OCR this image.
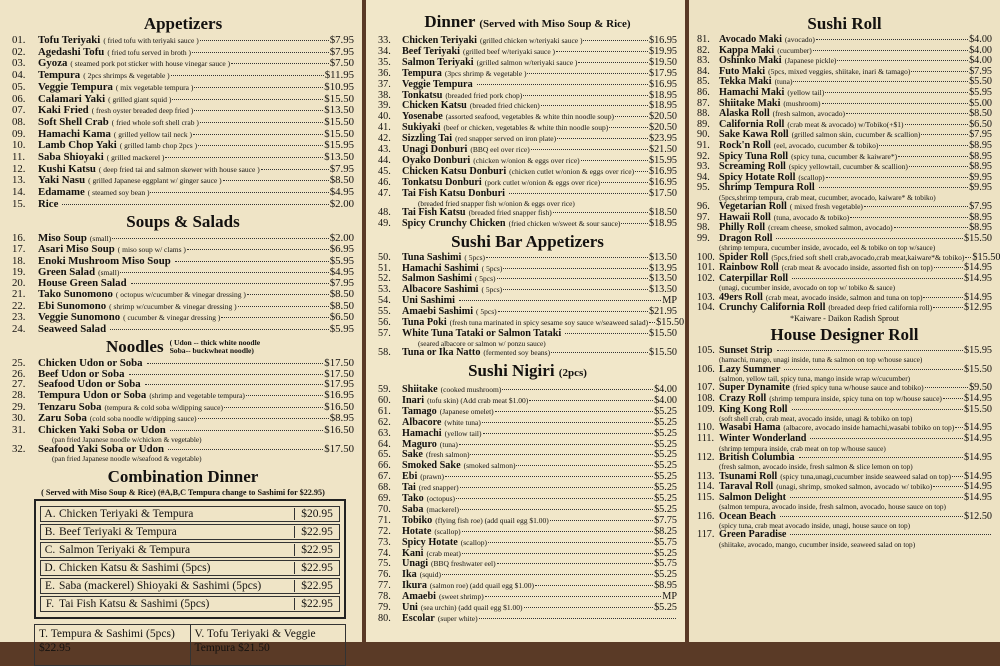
Appetizers
01.	Tofu Teriyaki ( fried tofu with teriyaki sauce )	$7.95
02.	Agedashi Tofu ( fried tofu served in broth )	$7.95
03.	Gyoza ( steamed pork pot sticker with house vinegar sauce )	$7.50
04.	Tempura ( 2pcs shrimps & vegetable )	$11.95
05.	Veggie Tempura ( mix vegetable tempura )	$10.95
06.	Calamari Yaki ( grilled giant squid )	$15.50
07.	Kaki Fried ( fresh oyster breaded deep fried )	$13.50
08.	Soft Shell Crab ( fried whole soft shell crab )	$15.50
09.	Hamachi Kama ( grilled yellow tail neck )	$15.50
10.	Lamb Chop Yaki ( grilled lamb chop 2pcs )	$15.95
11.	Saba Shioyaki ( grilled mackerel )	$13.50
12.	Kushi Katsu ( deep fried tai and salmon skewer with house sauce )	$7.95
13.	Yaki Nasu ( grilled Japanese eggplant w/ ginger sauce )	$8.50
14.	Edamame ( steamed soy bean )	$4.95
15.	Rice	$2.00
Soups & Salads
16.	Miso Soup (small)	$2.00
17.	Asari Miso Soup ( miso soup w/ clams )	$6.95
18.	Enoki Mushroom Miso Soup	$5.95
19.	Green Salad (small)	$4.95
20.	House Green Salad	$7.95
21.	Tako Sunomono ( octopus w/cucumber & vinegar dressing )	$8.50
22.	Ebi Sunomono ( shrimp w/cucumber & vinegar dressing )	$8.50
23.	Veggie Sunomono ( cucumber & vinegar dressing )	$6.50
24.	Seaweed Salad	$5.95
Noodles ( Udon -- thick white noodle
Soba-- buckwheat noodle)
25.	Chicken Udon or Soba	$17.50
26.	Beef Udon or Soba	$17.50
27.	Seafood Udon or Soba	$17.95
28.	Tempura Udon or Soba (shrimp and vegetable tempura)	$16.95
29.	Tenzaru Soba (tempura & cold soba w/dipping sauce)	$16.50
30.	Zaru Soba (cold soba noodle w/dipping sauce)	$8.95
31.	Chicken Yaki Soba or Udon	$16.50
(pan fried Japanese noodle w/chicken & vegetable)
32.	Seafood Yaki Soba or Udon	$17.50
(pan fried Japanese noodle w/seafood & vegetable)
Combination Dinner
( Served with Miso Soup & Rice) (#A,B,C Tempura change to Sashimi for $22.95)
A. Chicken Teriyaki & Tempura	$20.95
B. Beef Teriyaki & Tempura	$22.95
C. Salmon Teriyaki & Tempura	$22.95
D. Chicken Katsu & Sashimi (5pcs)	$22.95
E. Saba (mackerel) Shioyaki & Sashimi (5pcs)	$22.95
F. Tai Fish Katsu & Sashimi (5pcs)	$22.95
T. Tempura & Sashimi (5pcs) $22.95
V. Tofu Teriyaki & Veggie Tempura $21.50
Dinner (Served with Miso Soup & Rice)
33.	Chicken Teriyaki (grilled chicken w/teriyaki sauce )	$16.95
34.	Beef Teriyaki (grilled beef w/teriyaki sauce )	$19.95
35.	Salmon Teriyaki (grilled salmon w/teriyaki sauce )	$19.50
36.	Tempura (3pcs shrimp & vegetable )	$17.95
37.	Veggie Tempura	$16.95
38.	Tonkatsu (breaded fried pork chop)	$18.95
39.	Chicken Katsu (breaded fried chicken)	$18.95
40.	Yosenabe (assorted seafood, vegetables & white thin noodle soup)	$20.50
41.	Sukiyaki (beef or chicken, vegetables & white thin noodle soup)	$20.50
42.	Sizzling Tai (red snapper served on iron plate)	$23.95
43.	Unagi Donburi (BBQ eel over rice)	$21.50
44.	Oyako Donburi (chicken w/onion & eggs over rice)	$15.95
45.	Chicken Katsu Donburi (chicken cutlet w/onion & eggs over rice) $16.95
46.	Tonkatsu Donburi (pork cutlet w/onion & eggs over rice)	$16.95
47.	Tai Fish Katsu Donburi	$17.50
(breaded fried snapper fish w/onion & eggs over rice)
48.	Tai Fish Katsu (breaded fried snapper fish)	$18.50
49.	Spicy Crunchy Chicken (fried chicken w/sweet & sour sauce)	$18.95
Sushi Bar Appetizers
50.	Tuna Sashimi ( 5pcs)	$13.50
51.	Hamachi Sashimi ( 5pcs)	$13.95
52.	Salmon Sashimi ( 5pcs)	$13.50
53.	Albacore Sashimi ( 5pcs)	$13.50
54.	Uni Sashimi	MP
55.	Amaebi Sashimi ( 5pcs)	$21.95
56.	Tuna Poki (fresh tuna marinated in spicy sesame soy sauce w/seaweed salad) $15.50
57.	White Tuna Tataki or Salmon Tataki	$15.50
(seared albacore or salmon w/ ponzu sauce)
58.	Tuna or Ika Natto (fermented soy beans)	$15.50
Sushi Nigiri (2pcs)
59.	Shiitake (cooked mushroom)	$4.00
60.	Inari (tofu skin) (Add crab meat $1.00)	$4.00
61.	Tamago (Japanese omelet)	$5.25
62.	Albacore (white tuna)	$5.25
63.	Hamachi (yellow tail)	$5.25
64.	Maguro (tuna)	$5.25
65.	Sake (fresh salmon)	$5.25
66.	Smoked Sake (smoked salmon)	$5.25
67.	Ebi (prawn)	$5.25
68.	Tai (red snapper)	$5.25
69.	Tako (octopus)	$5.25
70.	Saba (mackerel)	$5.25
71.	Tobiko (flying fish roe) (add quail egg $1.00)	$7.75
72.	Hotate (scallop)	$8.25
73.	Spicy Hotate (scallop)	$5.75
74.	Kani (crab meat)	$5.25
75.	Unagi (BBQ freshwater eel)	$5.75
76.	Ika (squid)	$5.25
77.	Ikura (salmon roe) (add quail egg $1.00)	$8.95
78.	Amaebi (sweet shrimp)	MP
79.	Uni (sea urchin) (add quail egg $1.00)	$5.25
80.	Escolar (super white)
Sushi Roll
81. Avocado Maki (avocado)	$4.00
82. Kappa Maki (cucumber)	$4.00
83. Oshinko Maki (Japanese pickle)	$4.00
84. Futo Maki (5pcs, mixed veggies, shiitake, inari & tamago)	$7.95
85. Tekka Maki (tuna)	$5.50
86. Hamachi Maki (yellow tail)	$5.95
87. Shiitake Maki (mushroom)	$5.00
88. Alaska Roll (fresh salmon, avocado)	$8.50
89. California Roll (crab meat & avocado) w/Tobiko(+$1)	$6.50
90. Sake Kawa Roll (grilled salmon skin, cucumber & scallion)	$7.95
91. Rock'n Roll (eel, avocado, cucumber & tobiko)	$8.95
92. Spicy Tuna Roll (spicy tuna, cucumber & kaiware*)	$8.95
93. Screaming Roll (spicy yellowtail, cucumber & scallion)	$8.95
94. Spicy Hotate Roll (scallop)	$9.95
95. Shrimp Tempura Roll	$9.95
(5pcs,shrimp tempura, crab meat, cucumber, avocado, kaiware* & tobiko)
96. Vegetarian Roll ( mixed fresh vegetable)	$7.95
97. Hawaii Roll (tuna, avocado & tobiko)	$8.95
98. Philly Roll (cream cheese, smoked salmon, avocado)	$8.95
99. Dragon Roll	$15.50
(shrimp tempura, cucumber inside, avocado, eel & tobiko on top w/sauce)
100. Spider Roll (5pcs,fried soft shell crab,avocado,crab meat,kaiware*& tobiko) $15.50
101. Rainbow Roll (crab meat & avocado inside, assorted fish on top)	$14.95
102. Caterpillar Roll	$14.95
(unagi, cucumber inside, avocado on top w/ tobiko & sauce)
103. 49ers Roll (crab meat, avocado inside, salmon and tuna on top)	$14.95
104. Crunchy California Roll (breaded deep fried california roll)	$12.95
*Kaiware - Daikon Radish Sprout
House Designer Roll
105. Sunset Strip	$15.95
(hamachi, mango, unagi inside, tuna & salmon on top w/house sauce)
106. Lazy Summer	$15.50
(salmon, yellow tail, spicy tuna, mango inside wrap w/cucumber)
107. Super Dynamite (fried spicy tuna w/house sauce and tobiko)	$9.50
108. Crazy Roll (shrimp tempura inside, spicy tuna on top w/house sauce) $14.95
109. King Kong Roll	$15.50
(soft shell crab, crab meat, avocado inside, unagi & tobiko on top)
110. Wasabi Hama (albacore, avocado inside hamachi,wasabi tobiko on top) $14.95
111. Winter Wonderland	$14.95
(shrimp tempura inside, crab meat on top w/house sauce)
112. British Columbia	$14.95
(fresh salmon, avocado inside, fresh salmon & slice lemon on top)
113. Tsunami Roll (spicy tuna,unagi,cucumber inside seaweed salad on top) $14.95
114. Taraval Roll (unagi, shrimp, smoked salmon, avocado w/ tobiko)	$14.95
115. Salmon Delight	$14.95
(salmon tempura, avocado inside, fresh salmon, avocado, house sauce on top)
116. Ocean Beach	$12.50
(spicy tuna, crab meat avocado inside, unagi, house sauce on top)
117. Green Paradise
(shiitake, avocado, mango, cucumber inside, seaweed salad on top)
